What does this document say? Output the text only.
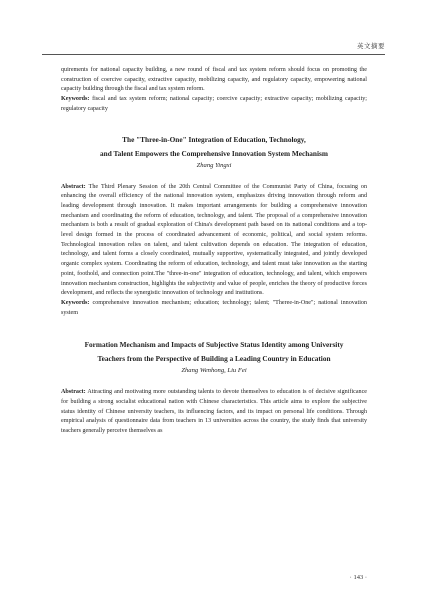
英文摘要

quirements for national capacity building, a new round of fiscal and tax system reform should focus on promoting the construction of coercive capacity, extractive capacity, mobilizing capacity, and regulatory capacity, empowering national capacity building through the fiscal and tax system reform.

Keywords: fiscal and tax system reform; national capacity; coercive capacity; extractive capacity; mobilizing capacity; regulatory capacity

The "Three-in-One" Integration of Education, Technology,
and Talent Empowers the Comprehensive Innovation System Mechanism
Zhang Yingxi

Abstract: The Third Plenary Session of the 20th Central Committee of the Communist Party of China, focusing on enhancing the overall efficiency of the national innovation system, emphasizes driving innovation through reform and leading development through innovation. It makes important arrangements for building a comprehensive innovation mechanism and coordinating the reform of education, technology, and talent. The proposal of a comprehensive innovation mechanism is both a result of gradual exploration of China's development path based on its national conditions and a top-level design formed in the process of coordinated advancement of economic, political, and social system reforms. Technological innovation relies on talent, and talent cultivation depends on education. The integration of education, technology, and talent forms a closely coordinated, mutually supportive, systematically integrated, and jointly developed organic complex system. Coordinating the reform of education, technology, and talent must take innovation as the starting point, foothold, and connection point.The "three-in-one" integration of education, technology, and talent, which empowers innovation mechanism construction, highlights the subjectivity and value of people, enriches the theory of productive forces development, and reflects the synergistic innovation of technology and institutions.

Keywords: comprehensive innovation mechanism; education; technology; talent; "Theree-in-One"; national innovation system

Formation Mechanism and Impacts of Subjective Status Identity among University
Teachers from the Perspective of Building a Leading Country in Education
Zhang Wenhong, Liu Fei

Abstract: Attracting and motivating more outstanding talents to devote themselves to education is of decisive significance for building a strong socialist educational nation with Chinese characteristics. This article aims to explore the subjective status identity of Chinese university teachers, its influencing factors, and its impact on personal life conditions. Through empirical analysis of questionnaire data from teachers in 13 universities across the country, the study finds that university teachers generally perceive themselves as

· 143 ·
